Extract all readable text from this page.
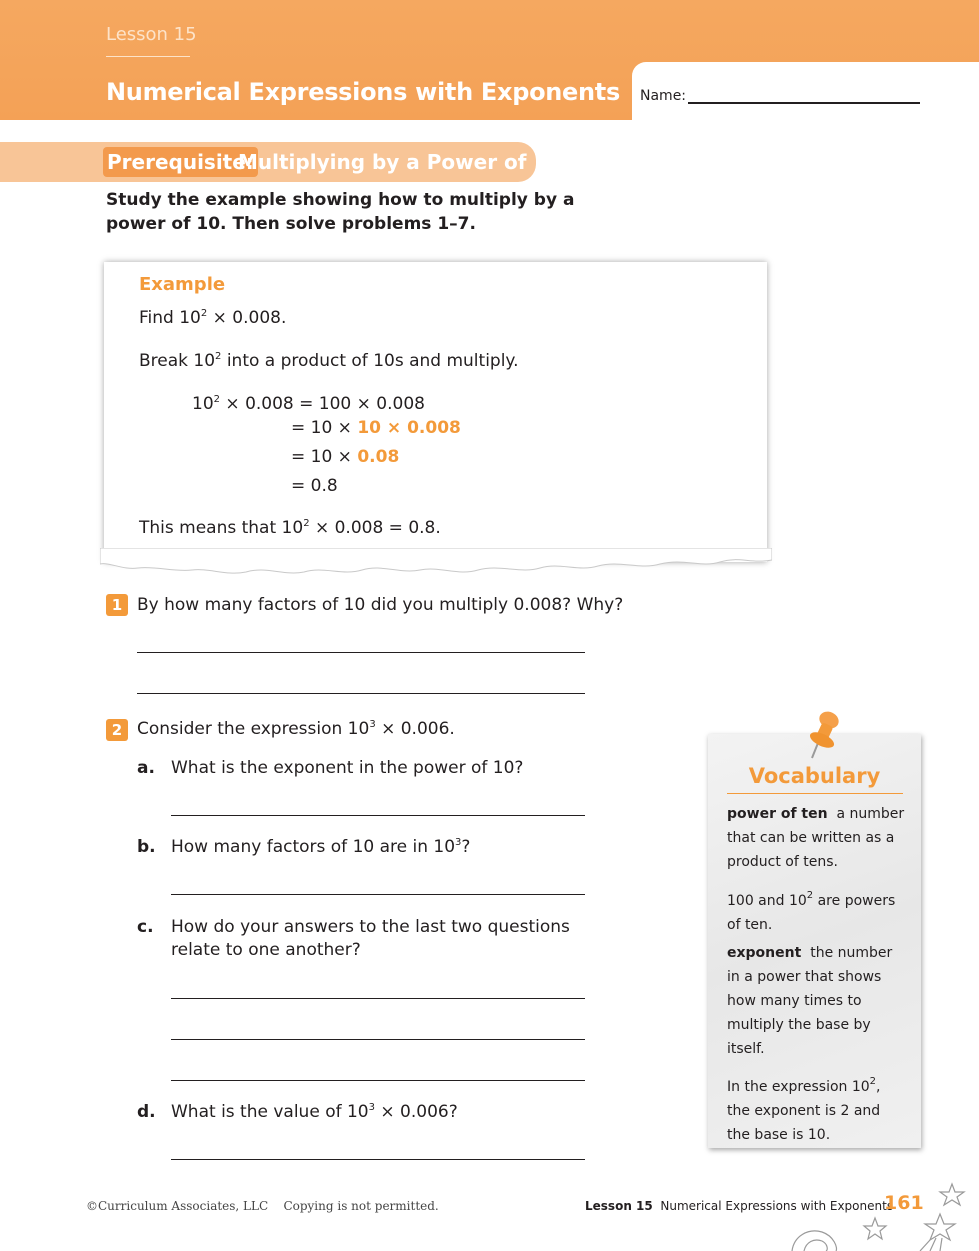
Lesson 15
Numerical Expressions with Exponents Name:
Prerequisite:
Multiplying by a Power of 10
Study the example showing how to multiply by a power of 10. Then solve problems 1–7.
Example
Find $10^2 \times 0.008$.
Break $10^2$ into a product of 10s and multiply.
$10^2 \times 0.008 = 100 \times 0.008$
= 10 × 10 × 0.008
= 10 × 0.08
= 0.8
This means that $10^2 \times 0.008 = 0.8$.
1 By how many factors of 10 did you multiply 0.008? Why?
2 Consider the expression $10^3 \times 0.006$.
a. What is the exponent in the power of 10?
b. How many factors of 10 are in $10^3$?
c. How do your answers to the last two questions
relate to one another?
d. What is the value of $10^3 \times 0.006$?
Vocabulary
power of ten a number that can be written as a product of tens.
100 and $10^2$ are powers of ten.
exponent the number in a power that shows how many times to multiply the base by itself.
In the expression $10^2$, the exponent is 2 and the base is 10.
©Curriculum Associates, LLC    Copying is not permitted.	Lesson 15 Numerical Expressions with Exponents
161
